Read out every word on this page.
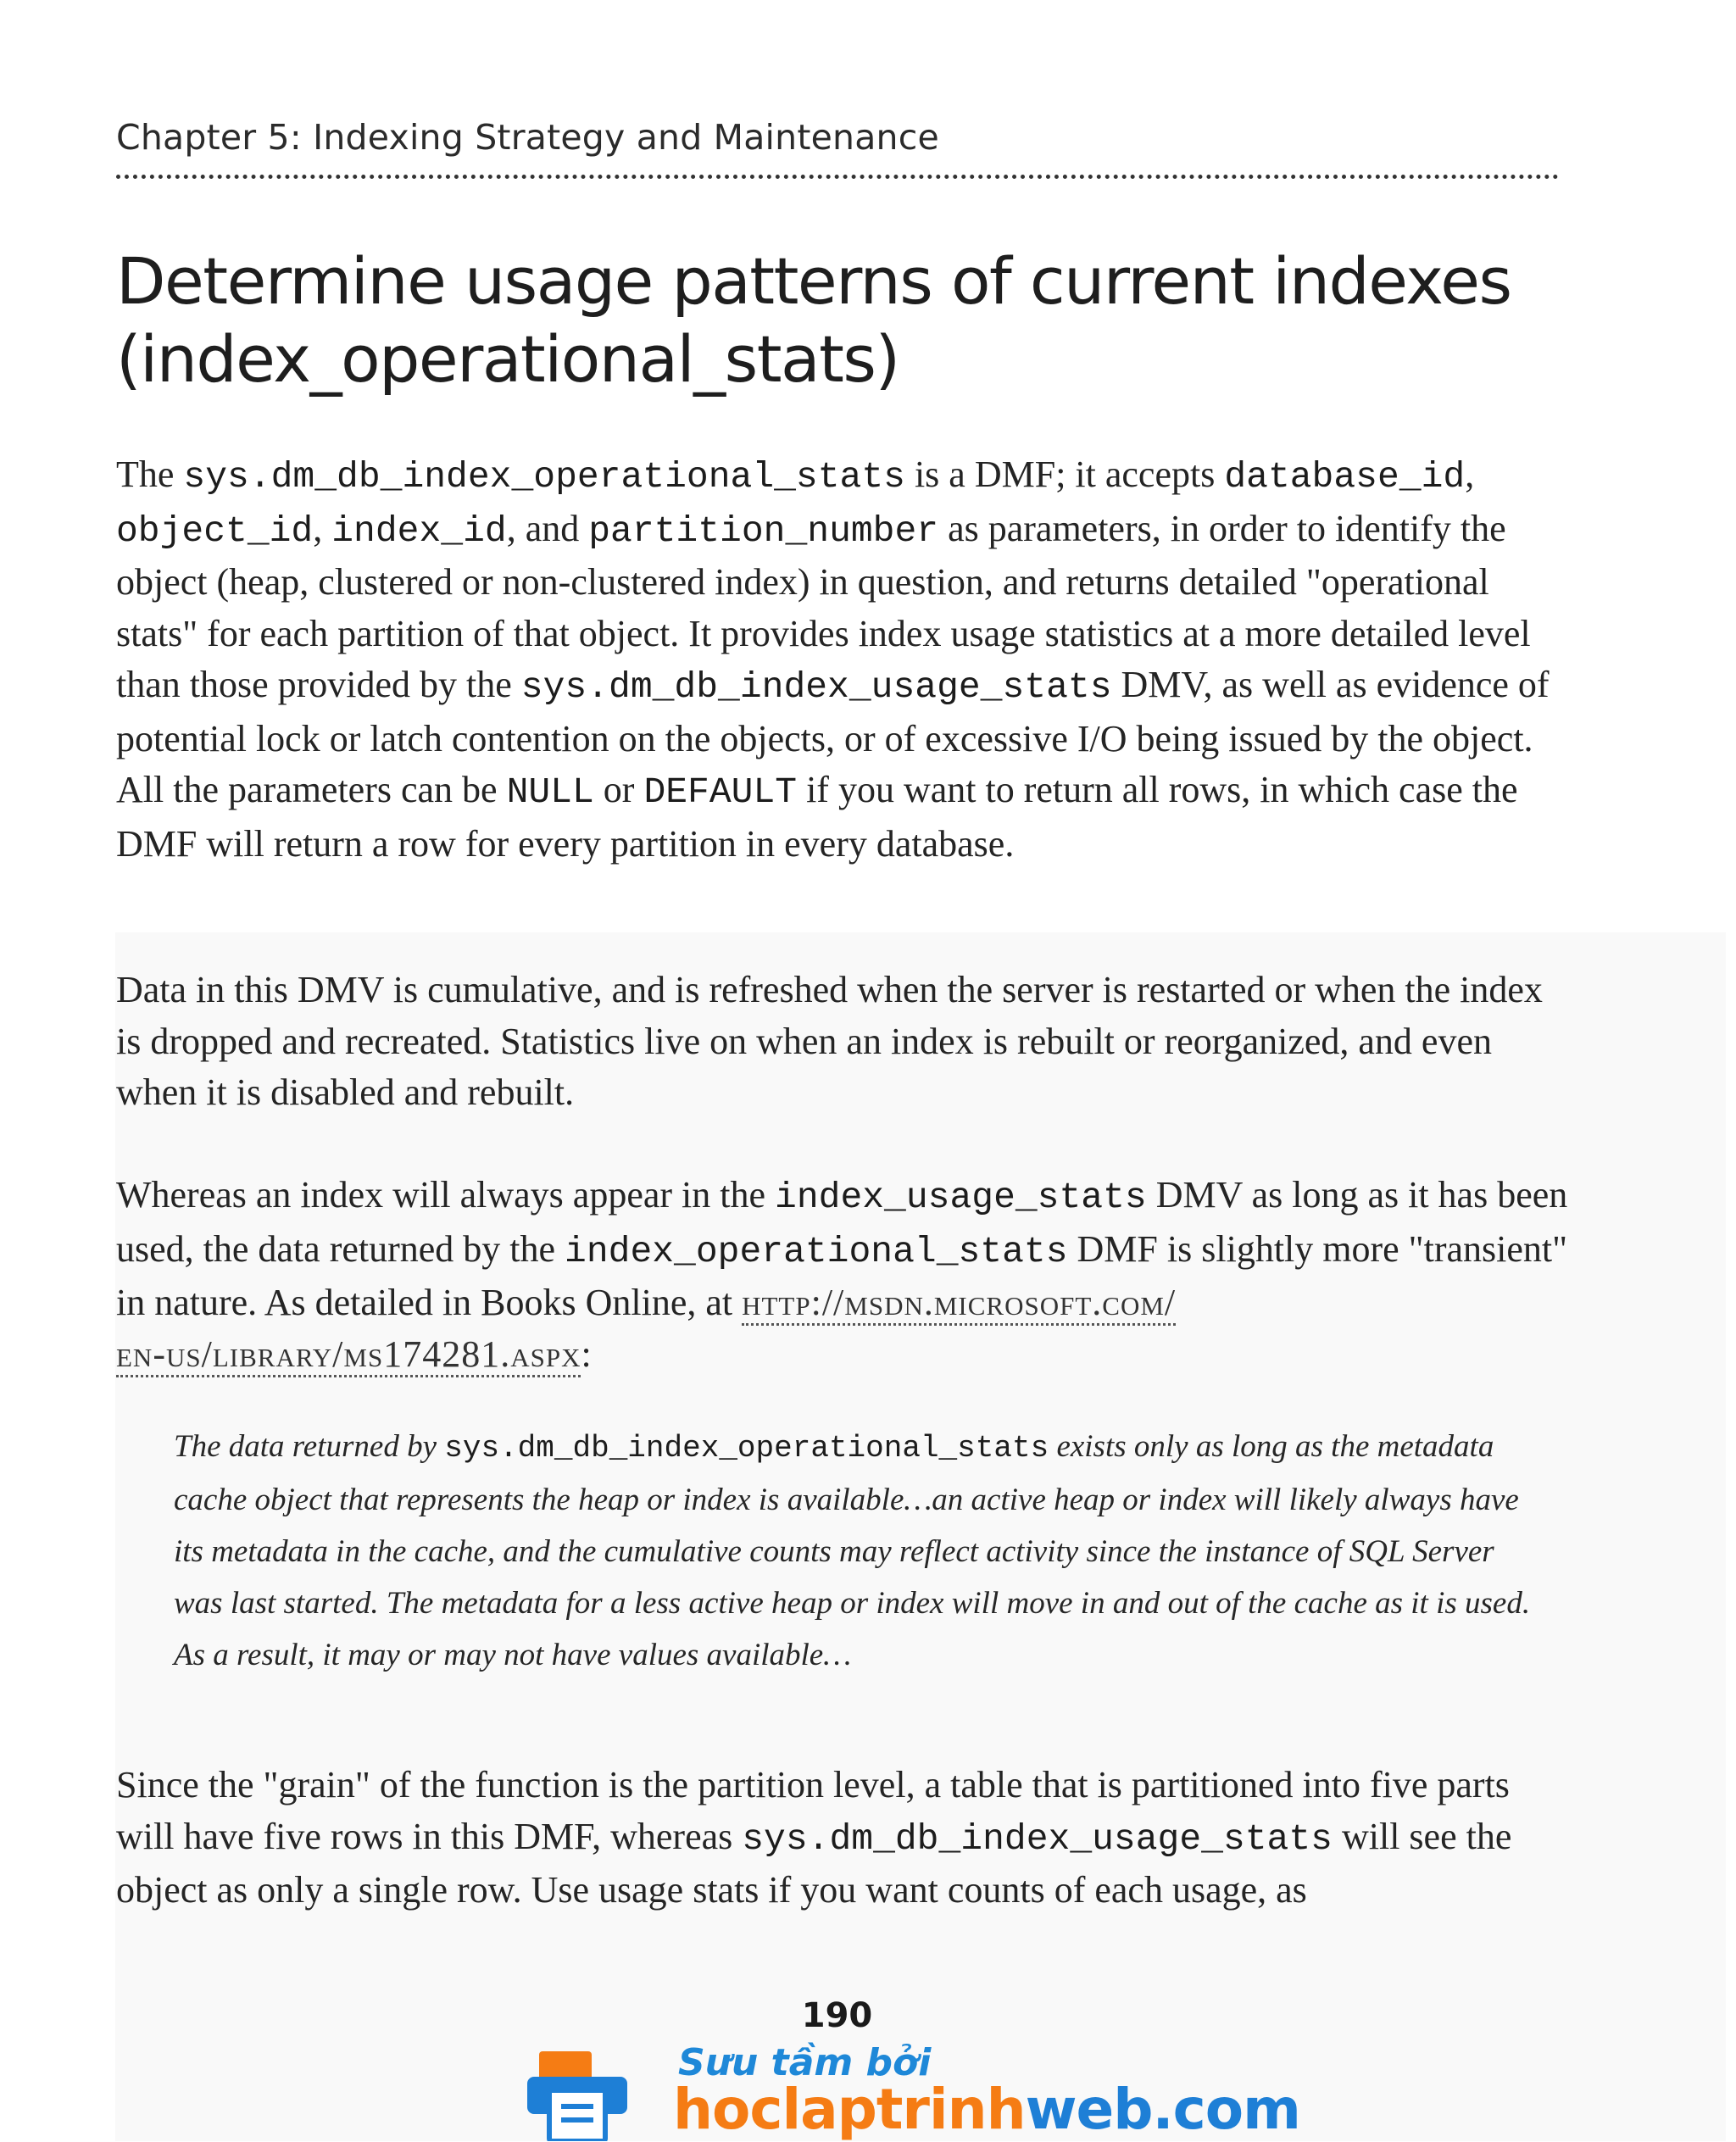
Chapter 5: Indexing Strategy and Maintenance
Determine usage patterns of current indexes
(index_operational_stats)

The sys.dm_db_index_operational_stats is a DMF; it accepts database_id, object_id, index_id, and partition_number as parameters, in order to identify the object (heap, clustered or non-clustered index) in question, and returns detailed "operational stats" for each partition of that object. It provides index usage statistics at a more detailed level than those provided by the sys.dm_db_index_usage_stats DMV, as well as evidence of potential lock or latch contention on the objects, or of excessive I/O being issued by the object. All the parameters can be NULL or DEFAULT if you want to return all rows, in which case the DMF will return a row for every partition in every database.

Data in this DMV is cumulative, and is refreshed when the server is restarted or when the index is dropped and recreated. Statistics live on when an index is rebuilt or reorganized, and even when it is disabled and rebuilt.

Whereas an index will always appear in the index_usage_stats DMV as long as it has been used, the data returned by the index_operational_stats DMF is slightly more "transient" in nature. As detailed in Books Online, at http://msdn.microsoft.com/
en-us/library/ms174281.aspx:

The data returned by sys.dm_db_index_operational_stats exists only as long as the metadata cache object that represents the heap or index is available…an active heap or index will likely always have its metadata in the cache, and the cumulative counts may reflect activity since the instance of SQL Server was last started. The metadata for a less active heap or index will move in and out of the cache as it is used. As a result, it may or may not have values available…

Since the "grain" of the function is the partition level, a table that is partitioned into five parts will have five rows in this DMF, whereas sys.dm_db_index_usage_stats will see the object as only a single row. Use usage stats if you want counts of each usage, as

190
Sưu tầm bởi
hoclaptrinhweb.com
